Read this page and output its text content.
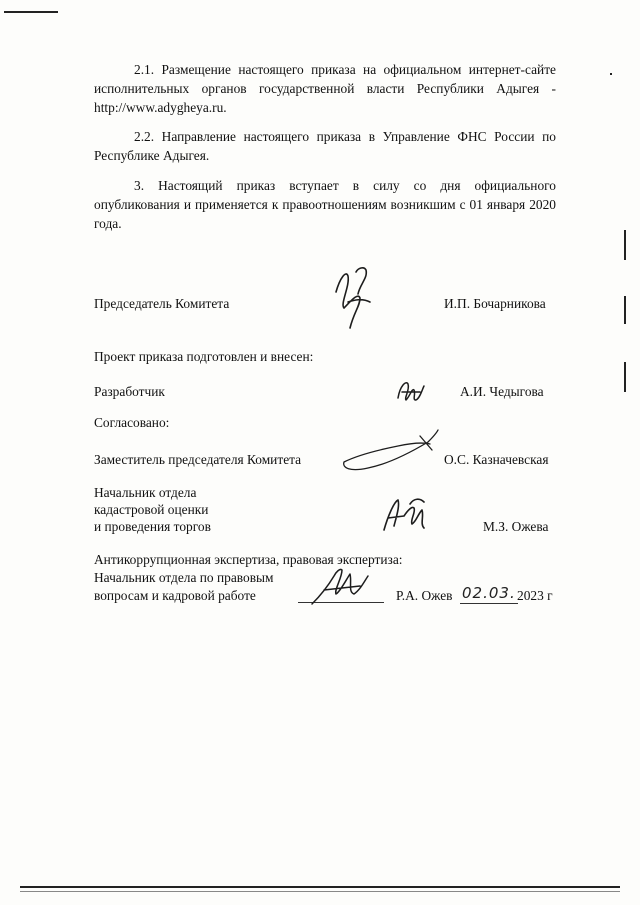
2.1. Размещение настоящего приказа на официальном интернет-сайте исполнительных органов государственной власти Республики Адыгея - http://www.adygheya.ru.

2.2. Направление настоящего приказа в Управление ФНС России по Республике Адыгея.

3. Настоящий приказ вступает в силу со дня официального опубликования и применяется к правоотношениям возникшим с 01 января 2020 года.

Председатель Комитета	И.П. Бочарникова
Проект приказа подготовлен и внесен:
Разработчик	А.И. Чедыгова
Согласовано:
Заместитель председателя Комитета	О.С. Казначевская
Начальник отдела
кадастровой оценки
и проведения торгов	М.З. Ожева
Антикоррупционная экспертиза, правовая экспертиза:
Начальник отдела по правовым
вопросам и кадровой работе	Р.А. Ожев 02.03. 2023 г
